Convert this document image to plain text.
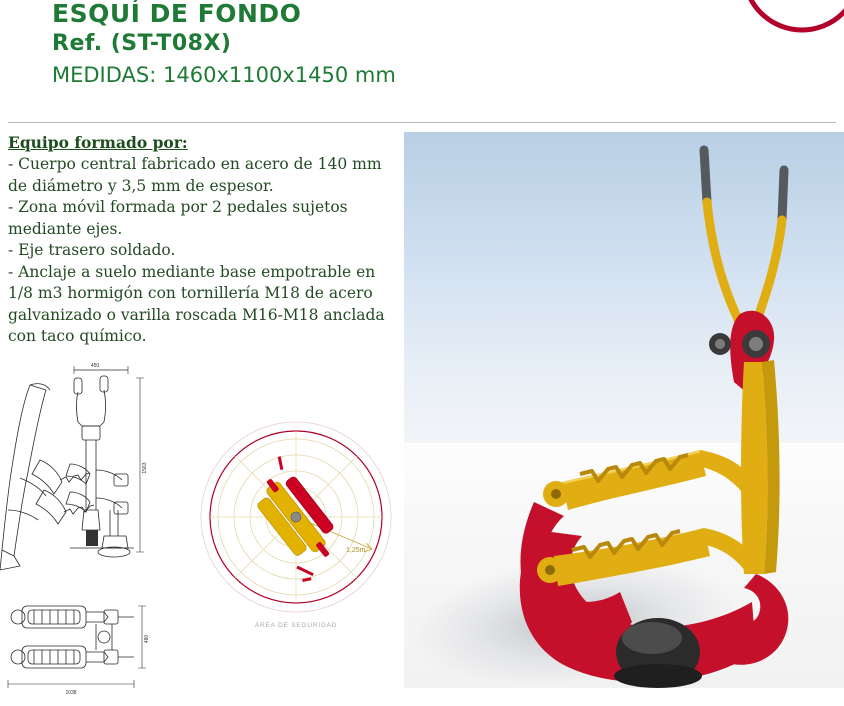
ESQUÍ DE FONDO
Ref. (ST-T08X)
MEDIDAS: 1460x1100x1450 mm
Equipo formado por:
- Cuerpo central fabricado en acero de 140 mm
de diámetro y 3,5 mm de espesor.
- Zona móvil formada por 2 pedales sujetos
mediante ejes.
- Eje trasero soldado.
- Anclaje a suelo mediante base empotrable en
1/8 m3 hormigón con tornillería M18 de acero
galvanizado o varilla roscada M16-M18 anclada
con taco químico.
450
1563
480
1038
1,25m
ÁREA DE SEGURIDAD
